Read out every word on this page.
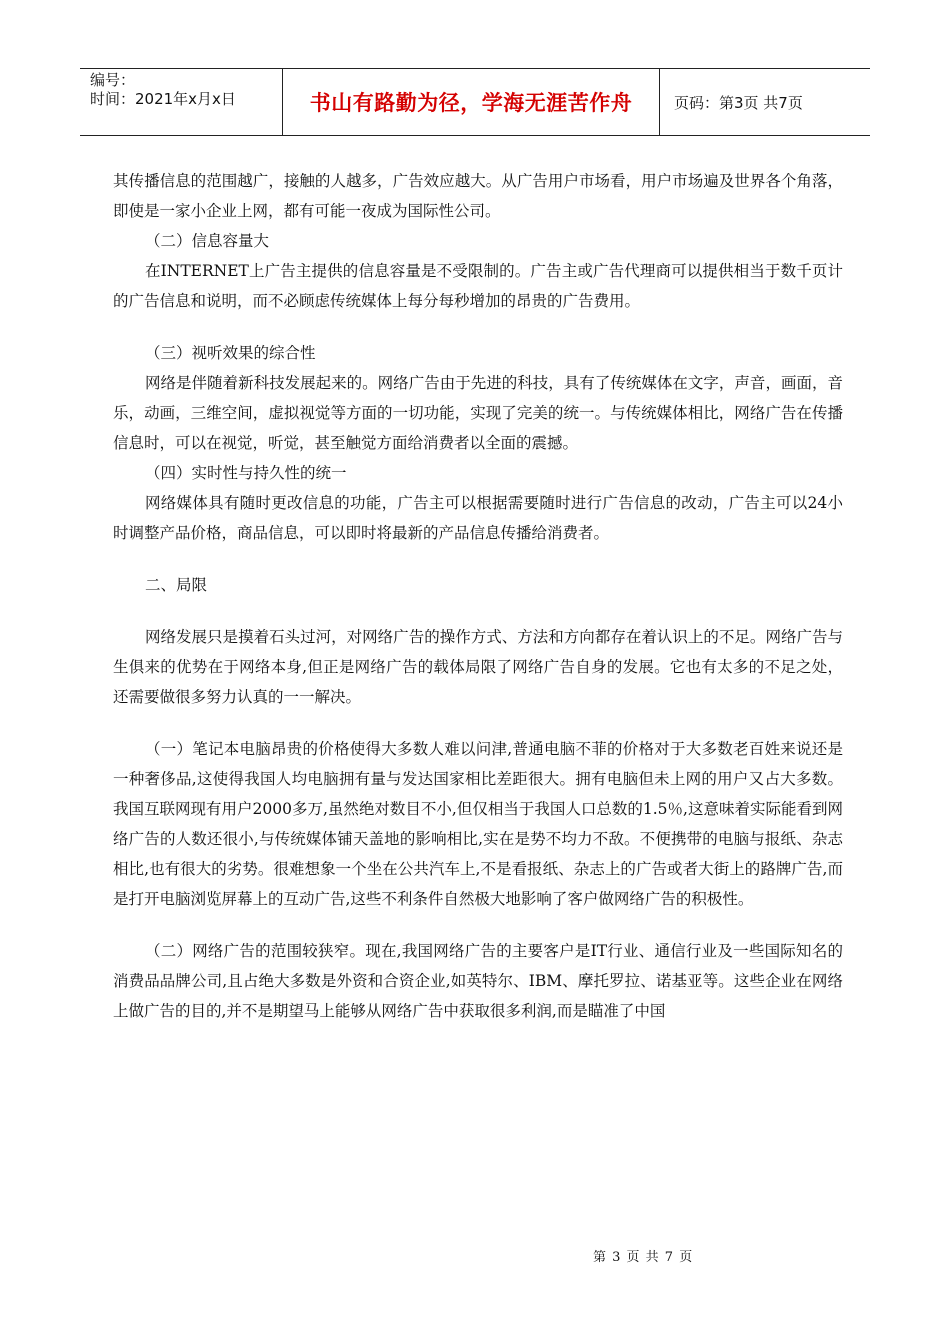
编号：
时间：2021年x月x日	书山有路勤为径，学海无涯苦作舟	页码：第3页 共7页

其传播信息的范围越广，接触的人越多，广告效应越大。从广告用户市场看，用户市场遍及世界各个角落，即使是一家小企业上网，都有可能一夜成为国际性公司。

（二）信息容量大

在INTERNET上广告主提供的信息容量是不受限制的。广告主或广告代理商可以提供相当于数千页计的广告信息和说明，而不必顾虑传统媒体上每分每秒增加的昂贵的广告费用。

（三）视听效果的综合性

网络是伴随着新科技发展起来的。网络广告由于先进的科技，具有了传统媒体在文字，声音，画面，音乐，动画，三维空间，虚拟视觉等方面的一切功能，实现了完美的统一。与传统媒体相比，网络广告在传播信息时，可以在视觉，听觉，甚至触觉方面给消费者以全面的震撼。

（四）实时性与持久性的统一

网络媒体具有随时更改信息的功能，广告主可以根据需要随时进行广告信息的改动，广告主可以24小时调整产品价格，商品信息，可以即时将最新的产品信息传播给消费者。

二、局限

网络发展只是摸着石头过河，对网络广告的操作方式、方法和方向都存在着认识上的不足。网络广告与生俱来的优势在于网络本身,但正是网络广告的载体局限了网络广告自身的发展。它也有太多的不足之处，还需要做很多努力认真的一一解决。

（一）笔记本电脑昂贵的价格使得大多数人难以问津,普通电脑不菲的价格对于大多数老百姓来说还是一种奢侈品,这使得我国人均电脑拥有量与发达国家相比差距很大。拥有电脑但未上网的用户又占大多数。我国互联网现有用户2000多万,虽然绝对数目不小,但仅相当于我国人口总数的1.5％,这意味着实际能看到网络广告的人数还很小,与传统媒体铺天盖地的影响相比,实在是势不均力不敌。不便携带的电脑与报纸、杂志相比,也有很大的劣势。很难想象一个坐在公共汽车上,不是看报纸、杂志上的广告或者大街上的路牌广告,而是打开电脑浏览屏幕上的互动广告,这些不利条件自然极大地影响了客户做网络广告的积极性。

（二）网络广告的范围较狭窄。现在,我国网络广告的主要客户是IT行业、通信行业及一些国际知名的消费品品牌公司,且占绝大多数是外资和合资企业,如英特尔、IBM、摩托罗拉、诺基亚等。这些企业在网络上做广告的目的,并不是期望马上能够从网络广告中获取很多利润,而是瞄准了中国

第 3 页 共 7 页
